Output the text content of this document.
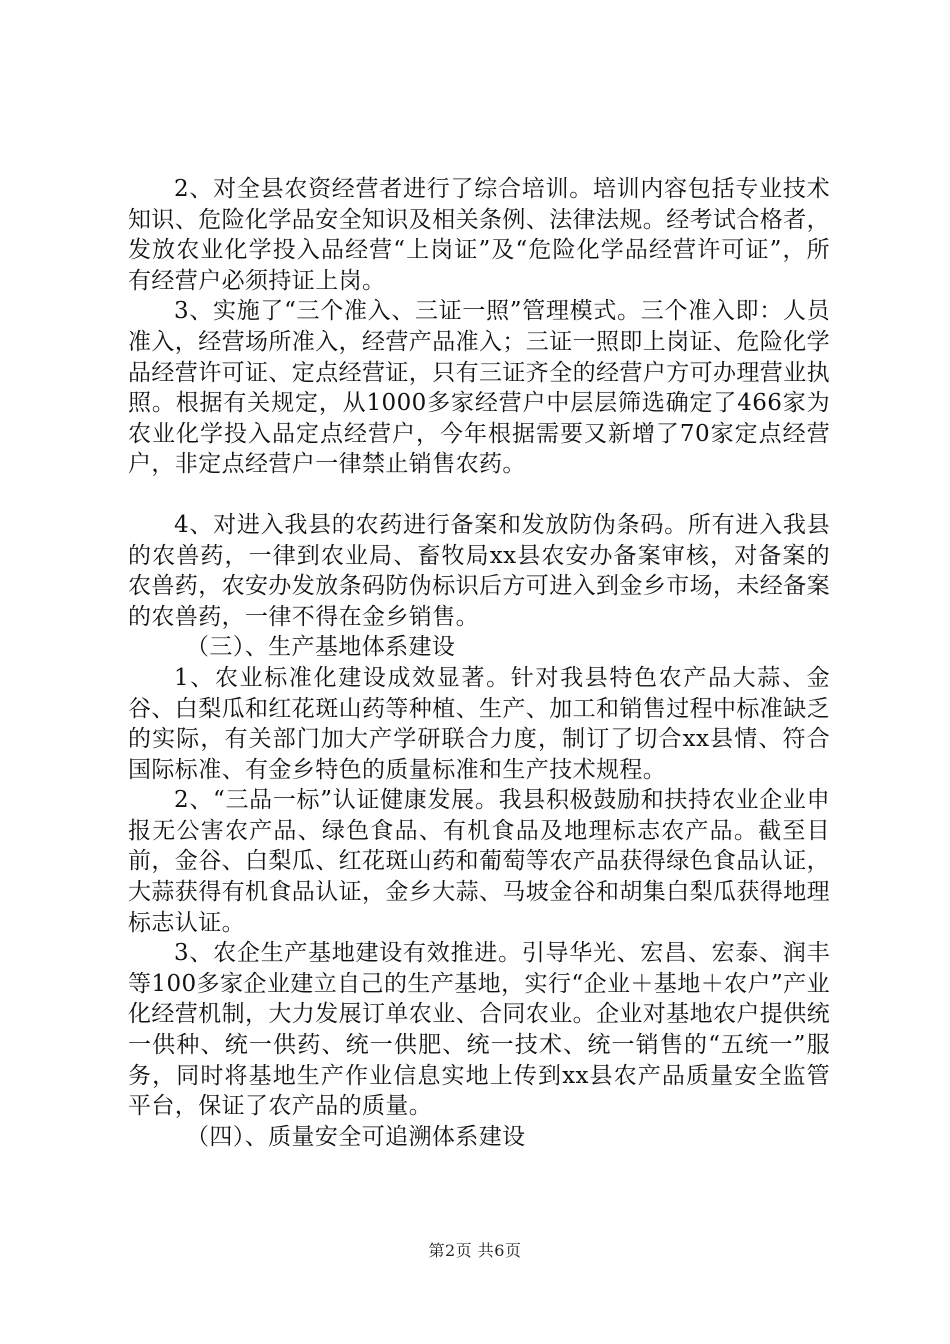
2、对全县农资经营者进行了综合培训。培训内容包括专业技术知识、危险化学品安全知识及相关条例、法律法规。经考试合格者，发放农业化学投入品经营“上岗证”及“危险化学品经营许可证”，所有经营户必须持证上岗。

3、实施了“三个准入、三证一照”管理模式。三个准入即：人员准入，经营场所准入，经营产品准入；三证一照即上岗证、危险化学品经营许可证、定点经营证，只有三证齐全的经营户方可办理营业执照。根据有关规定，从1000多家经营户中层层筛选确定了466家为农业化学投入品定点经营户，今年根据需要又新增了70家定点经营户，非定点经营户一律禁止销售农药。

4、对进入我县的农药进行备案和发放防伪条码。所有进入我县的农兽药，一律到农业局、畜牧局xx县农安办备案审核，对备案的农兽药，农安办发放条码防伪标识后方可进入到金乡市场，未经备案的农兽药，一律不得在金乡销售。

（三）、生产基地体系建设

1、农业标准化建设成效显著。针对我县特色农产品大蒜、金谷、白梨瓜和红花斑山药等种植、生产、加工和销售过程中标准缺乏的实际，有关部门加大产学研联合力度，制订了切合xx县情、符合国际标准、有金乡特色的质量标准和生产技术规程。

2、“三品一标”认证健康发展。我县积极鼓励和扶持农业企业申报无公害农产品、绿色食品、有机食品及地理标志农产品。截至目前，金谷、白梨瓜、红花斑山药和葡萄等农产品获得绿色食品认证，大蒜获得有机食品认证，金乡大蒜、马坡金谷和胡集白梨瓜获得地理标志认证。

3、农企生产基地建设有效推进。引导华光、宏昌、宏泰、润丰等100多家企业建立自己的生产基地，实行“企业＋基地＋农户”产业化经营机制，大力发展订单农业、合同农业。企业对基地农户提供统一供种、统一供药、统一供肥、统一技术、统一销售的“五统一”服务，同时将基地生产作业信息实地上传到xx县农产品质量安全监管平台，保证了农产品的质量。

（四）、质量安全可追溯体系建设

第2页 共6页
